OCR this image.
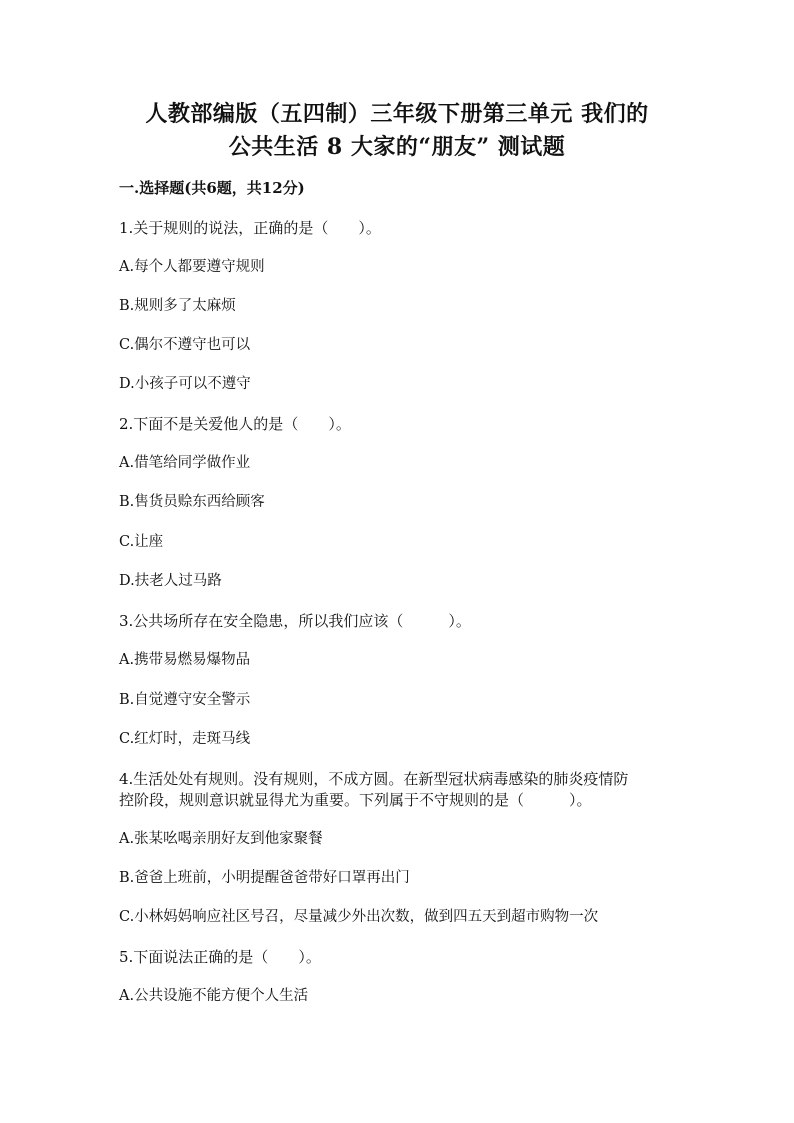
人教部编版（五四制）三年级下册第三单元 我们的
公共生活 8 大家的“朋友” 测试题
一.选择题(共6题，共12分)
1.关于规则的说法，正确的是（　　）。
A.每个人都要遵守规则
B.规则多了太麻烦
C.偶尔不遵守也可以
D.小孩子可以不遵守
2.下面不是关爱他人的是（　　）。
A.借笔给同学做作业
B.售货员赊东西给顾客
C.让座
D.扶老人过马路
3.公共场所存在安全隐患，所以我们应该（　　　）。
A.携带易燃易爆物品
B.自觉遵守安全警示
C.红灯时，走斑马线
4.生活处处有规则。没有规则，不成方圆。在新型冠状病毒感染的肺炎疫情防
控阶段，规则意识就显得尤为重要。下列属于不守规则的是（　　　）。
A.张某吆喝亲朋好友到他家聚餐
B.爸爸上班前，小明提醒爸爸带好口罩再出门
C.小林妈妈响应社区号召，尽量减少外出次数，做到四五天到超市购物一次
5.下面说法正确的是（　　）。
A.公共设施不能方便个人生活
